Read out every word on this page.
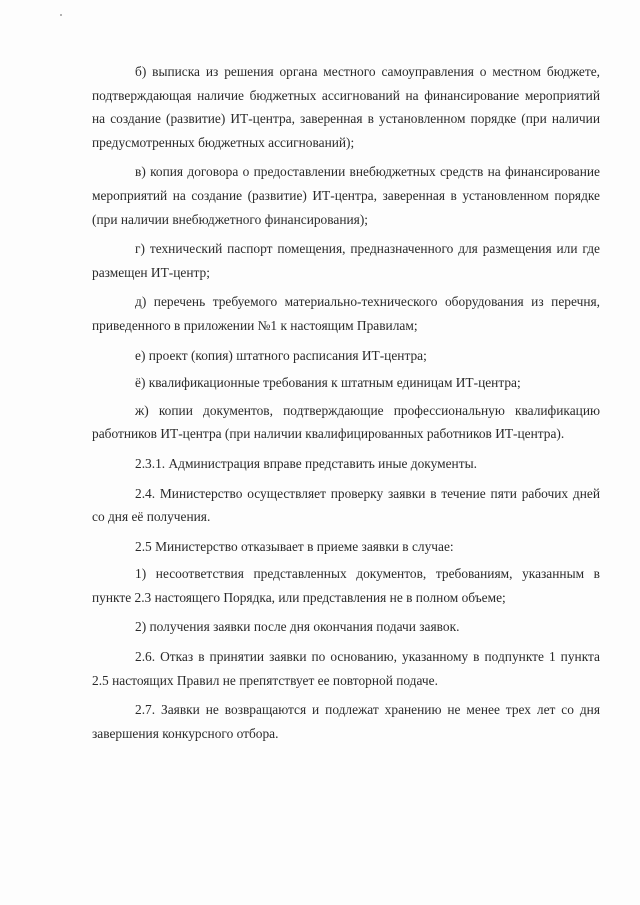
б) выписка из решения органа местного самоуправления о местном бюджете, подтверждающая наличие бюджетных ассигнований на финансирование мероприятий на создание (развитие) ИТ-центра, заверенная в установленном порядке (при наличии предусмотренных бюджетных ассигнований);

в) копия договора о предоставлении внебюджетных средств на финансирование мероприятий на создание (развитие) ИТ-центра, заверенная в установленном порядке (при наличии внебюджетного финансирования);

г) технический паспорт помещения, предназначенного для размещения или где размещен ИТ-центр;

д) перечень требуемого материально-технического оборудования из перечня, приведенного в приложении №1 к настоящим Правилам;

е) проект (копия) штатного расписания ИТ-центра;

ё) квалификационные требования к штатным единицам ИТ-центра;

ж) копии документов, подтверждающие профессиональную квалификацию работников ИТ-центра (при наличии квалифицированных работников ИТ-центра).

2.3.1. Администрация вправе представить иные документы.

2.4. Министерство осуществляет проверку заявки в течение пяти рабочих дней со дня её получения.

2.5 Министерство отказывает в приеме заявки в случае:

1) несоответствия представленных документов, требованиям, указанным в пункте 2.3 настоящего Порядка, или представления не в полном объеме;

2) получения заявки после дня окончания подачи заявок.

2.6. Отказ в принятии заявки по основанию, указанному в подпункте 1 пункта 2.5 настоящих Правил не препятствует ее повторной подаче.

2.7. Заявки не возвращаются и подлежат хранению не менее трех лет со дня завершения конкурсного отбора.
